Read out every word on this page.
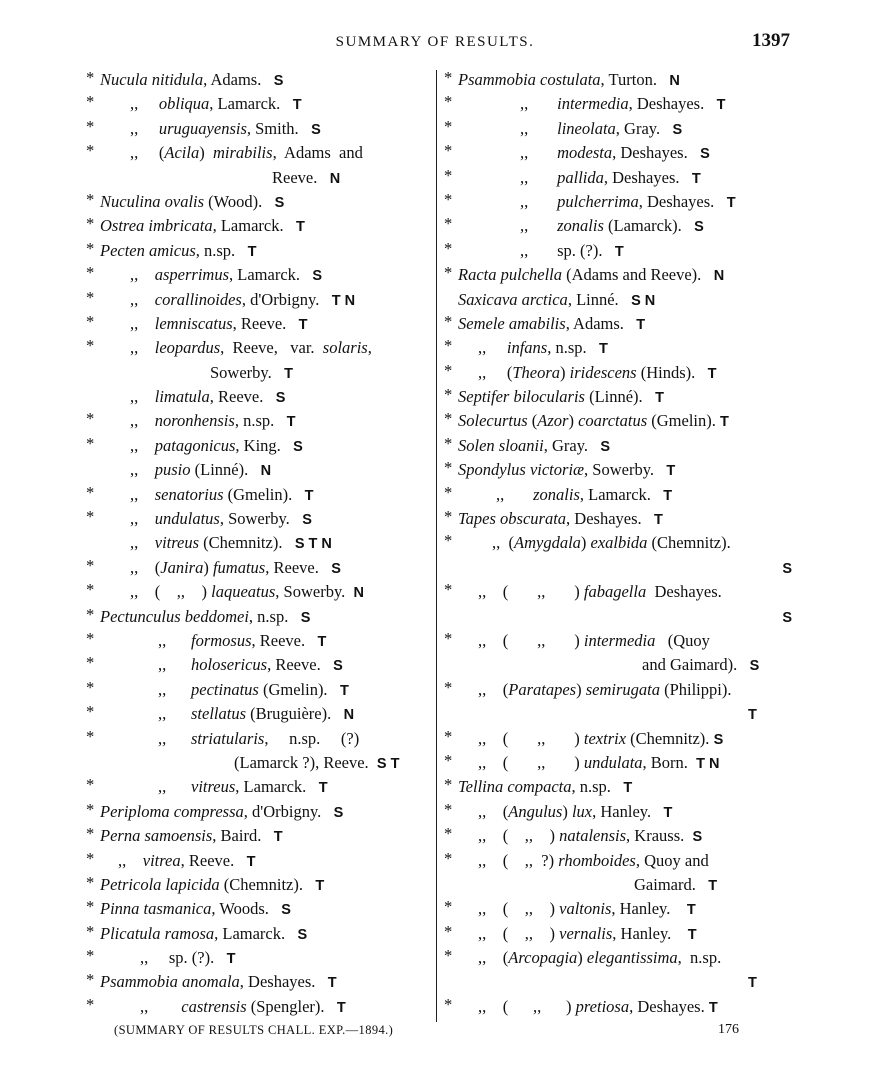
SUMMARY OF RESULTS.	1397
* Nucula nitidula, Adams.   S
* ,,     obliqua, Lamarck.   T
* ,,     uruguayensis, Smith.   S
* ,,     (Acila)  mirabilis,  Adams  and
Reeve.   N
* Nuculina ovalis (Wood).   S
* Ostrea imbricata, Lamarck.   T
* Pecten amicus, n.sp.   T
* ,,    asperrimus, Lamarck.   S
* ,,    corallinoides, d'Orbigny.   T N
* ,,    lemniscatus, Reeve.   T
* ,,    leopardus,  Reeve,   var.  solaris,
Sowerby.   T
,,    limatula, Reeve.   S
* ,,    noronhensis, n.sp.   T
* ,,    patagonicus, King.   S
,,    pusio (Linné).   N
* ,,    senatorius (Gmelin).   T
* ,,    undulatus, Sowerby.   S
,,    vitreus (Chemnitz).   S T N
* ,,    (Janira) fumatus, Reeve.   S
* ,,    (    ,,    ) laqueatus, Sowerby.  N
* Pectunculus beddomei, n.sp.   S
*	,,      formosus, Reeve.   T
*	,,      holosericus, Reeve.   S
*	,,      pectinatus (Gmelin).   T
*	,,      stellatus (Bruguière).   N
*	,,      striatularis,     n.sp.     (?)
(Lamarck ?), Reeve.  S T
*	,,      vitreus, Lamarck.   T
* Periploma compressa, d'Orbigny.   S
* Perna samoensis, Baird.   T
* ,,    vitrea, Reeve.   T
* Petricola lapicida (Chemnitz).   T
* Pinna tasmanica, Woods.   S
* Plicatula ramosa, Lamarck.   S
*	,,     sp. (?).   T
* Psammobia anomala, Deshayes.   T
*	,,        castrensis (Spengler).   T
* Psammobia costulata, Turton.   N
*	,,       intermedia, Deshayes.   T
*	,,       lineolata, Gray.   S
*	,,       modesta, Deshayes.   S
*	,,       pallida, Deshayes.   T
*	,,       pulcherrima, Deshayes.   T
*	,,       zonalis (Lamarck).   S
*	,,       sp. (?).   T
* Racta pulchella (Adams and Reeve).   N
Saxicava arctica, Linné.   S N
* Semele amabilis, Adams.   T
* ,,     infans, n.sp.   T
* ,,     (Theora) iridescens (Hinds).   T
* Septifer bilocularis (Linné).   T
* Solecurtus (Azor) coarctatus (Gmelin). T
* Solen sloanii, Gray.   S
* Spondylus victoriæ, Sowerby.   T
*	,,       zonalis, Lamarck.   T
* Tapes obscurata, Deshayes.   T
* ,,  (Amygdala) exalbida (Chemnitz).
S
* ,,    (       ,,       ) fabagella  Deshayes.
S
* ,,    (       ,,       ) intermedia   (Quoy
and Gaimard).   S
* ,,    (Paratapes) semirugata (Philippi).
T
* ,,    (       ,,       ) textrix (Chemnitz). S
* ,,    (       ,,       ) undulata, Born.  T N
* Tellina compacta, n.sp.   T
* ,,    (Angulus) lux, Hanley.   T
* ,,    (    ,,    ) natalensis, Krauss.  S
* ,,    (    ,,  ?) rhomboides, Quoy and
Gaimard.   T
* ,,    (    ,,    ) valtonis, Hanley.    T
* ,,    (    ,,    ) vernalis, Hanley.    T
* ,,    (Arcopagia) elegantissima,  n.sp.
T
* ,,    (      ,,      ) pretiosa, Deshayes. T
(SUMMARY OF RESULTS CHALL. EXP.—1894.)	176
